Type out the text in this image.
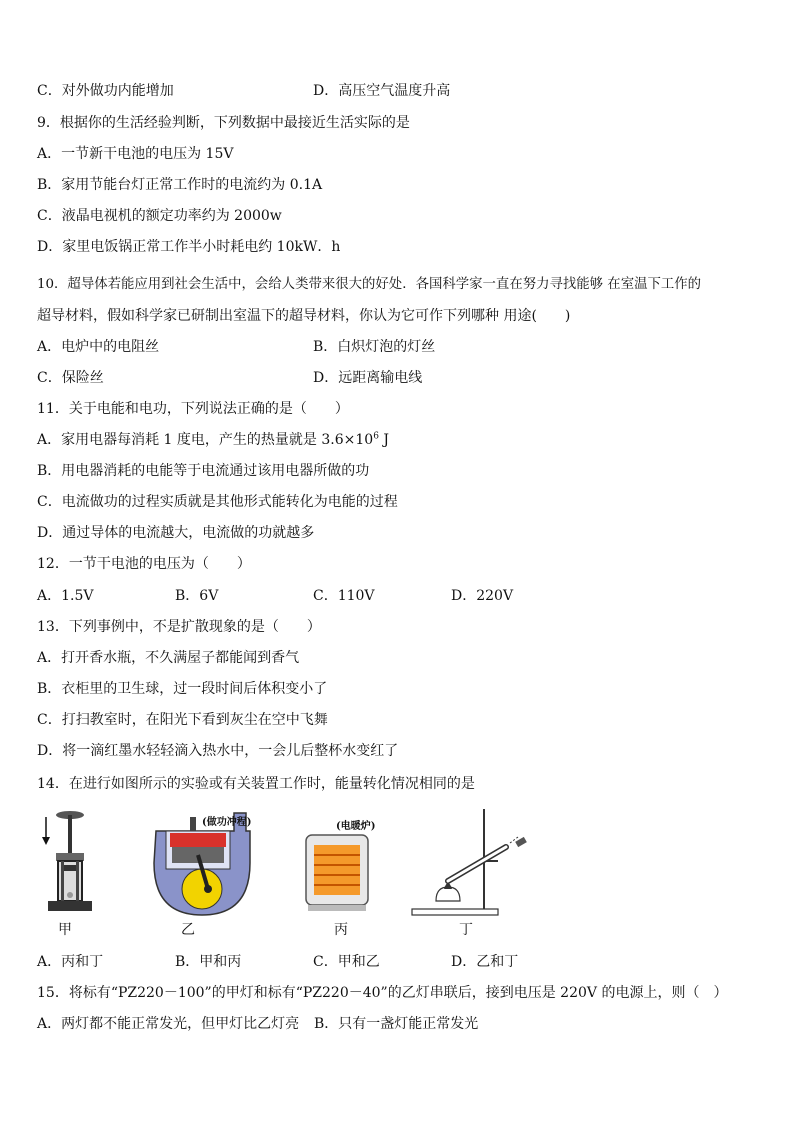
C．对外做功内能增加	D．高压空气温度升高
9．根据你的生活经验判断，下列数据中最接近生活实际的是
A．一节新干电池的电压为 15V
B．家用节能台灯正常工作时的电流约为 0.1A
C．液晶电视机的额定功率约为 2000w
D．家里电饭锅正常工作半小时耗电约 10kW．h
10．超导体若能应用到社会生活中，会给人类带来很大的好处．各国科学家一直在努力寻找能够 在室温下工作的
超导材料，假如科学家已研制出室温下的超导材料，你认为它可作下列哪种 用途(　　)
A．电炉中的电阻丝	B．白炽灯泡的灯丝
C．保险丝	D．远距离输电线
11．关于电能和电功，下列说法正确的是（　　）
A．家用电器每消耗 1 度电，产生的热量就是 $3.6\times 10^6$ J
B．用电器消耗的电能等于电流通过该用电器所做的功
C．电流做功的过程实质就是其他形式能转化为电能的过程
D．通过导体的电流越大，电流做的功就越多
12．一节干电池的电压为（　　）
A．1.5V	B．6V	C．110V	D．220V
13．下列事例中，不是扩散现象的是（　　）
A．打开香水瓶，不久满屋子都能闻到香气
B．衣柜里的卫生球，过一段时间后体积变小了
C．打扫教室时，在阳光下看到灰尘在空中飞舞
D．将一滴红墨水轻轻滴入热水中，一会儿后整杯水变红了
14．在进行如图所示的实验或有关装置工作时，能量转化情况相同的是
甲
(做功冲程)
乙
(电暖炉)
丙	丁
A．丙和丁	B．甲和丙	C．甲和乙	D．乙和丁
15．将标有“PZ220－100”的甲灯和标有“PZ220－40”的乙灯串联后，接到电压是 220V 的电源上，则（　）
A．两灯都不能正常发光，但甲灯比乙灯亮 B．只有一盏灯能正常发光
